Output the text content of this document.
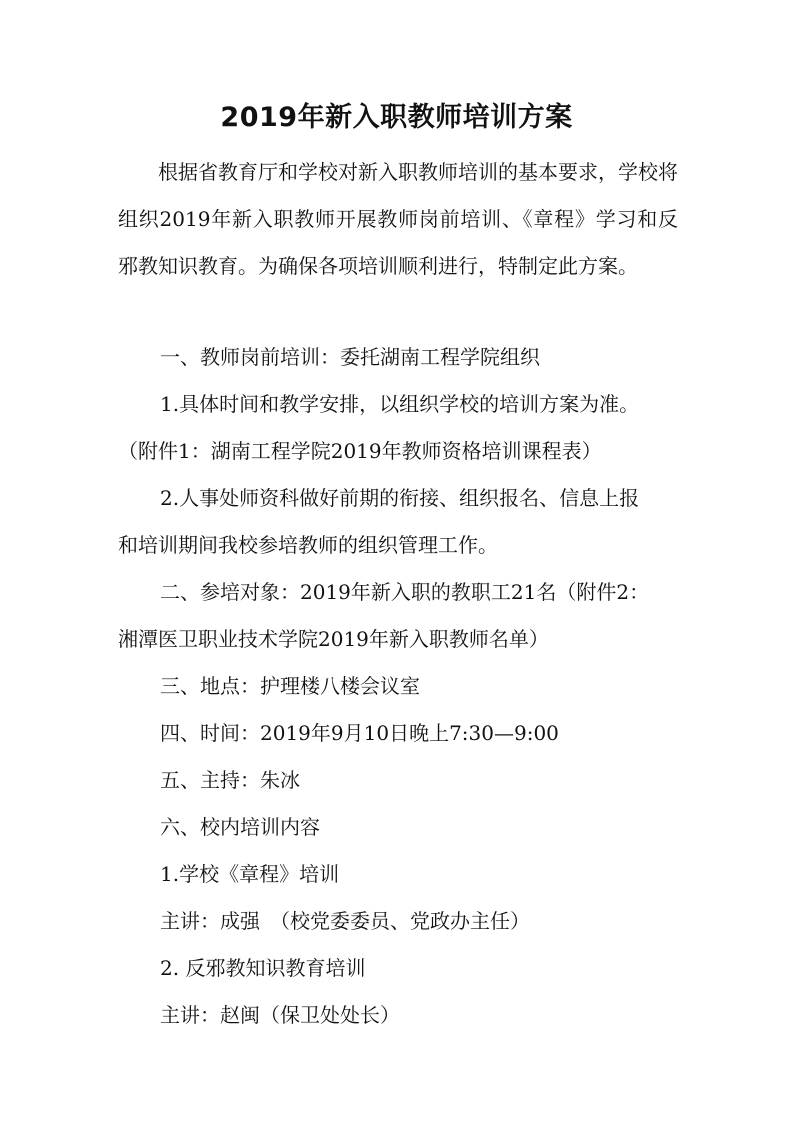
2019年新入职教师培训方案

根据省教育厅和学校对新入职教师培训的基本要求，学校将组织2019年新入职教师开展教师岗前培训、《章程》学习和反邪教知识教育。为确保各项培训顺利进行，特制定此方案。

一、教师岗前培训：委托湖南工程学院组织

1.具体时间和教学安排，以组织学校的培训方案为准。

（附件1：湖南工程学院2019年教师资格培训课程表）

2.人事处师资科做好前期的衔接、组织报名、信息上报

和培训期间我校参培教师的组织管理工作。

二、参培对象：2019年新入职的教职工21名（附件2：

湘潭医卫职业技术学院2019年新入职教师名单）

三、地点：护理楼八楼会议室

四、时间：2019年9月10日晚上7:30—9:00

五、主持：朱冰

六、校内培训内容

1.学校《章程》培训

主讲：成强　（校党委委员、党政办主任）

2. 反邪教知识教育培训

主讲：赵闽（保卫处处长）
